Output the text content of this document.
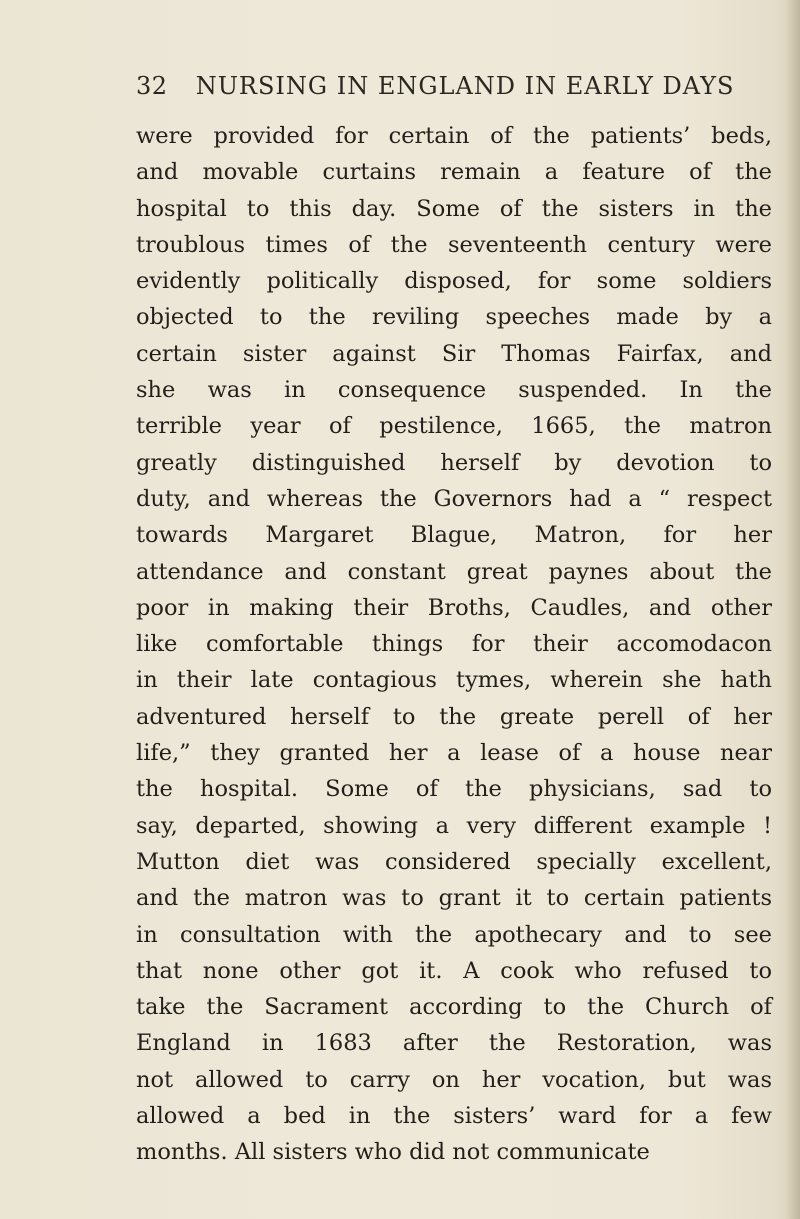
32 NURSING IN ENGLAND IN EARLY DAYS
were provided for certain of the patients’ beds,
and movable curtains remain a feature of the
hospital to this day. Some of the sisters in the
troublous times of the seventeenth century were
evidently politically disposed, for some soldiers
objected to the reviling speeches made by a
certain sister against Sir Thomas Fairfax, and
she was in consequence suspended. In the
terrible year of pestilence, 1665, the matron
greatly distinguished herself by devotion to
duty, and whereas the Governors had a “ respect
towards Margaret Blague, Matron, for her
attendance and constant great paynes about the
poor in making their Broths, Caudles, and other
like comfortable things for their accomodacon
in their late contagious tymes, wherein she hath
adventured herself to the greate perell of her
life,” they granted her a lease of a house near
the hospital. Some of the physicians, sad to
say, departed, showing a very different example !
Mutton diet was considered specially excellent,
and the matron was to grant it to certain patients
in consultation with the apothecary and to see
that none other got it. A cook who refused to
take the Sacrament according to the Church of
England in 1683 after the Restoration, was
not allowed to carry on her vocation, but was
allowed a bed in the sisters’ ward for a few
months. All sisters who did not communicate
